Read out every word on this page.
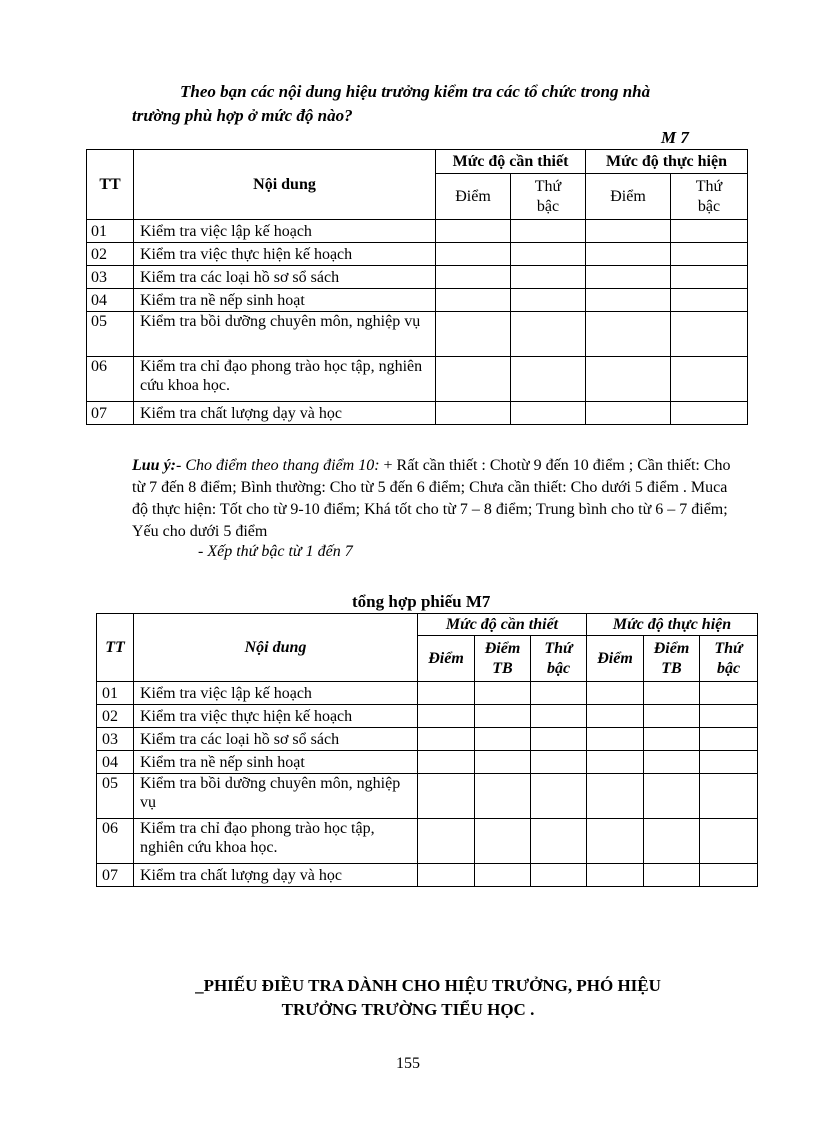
Theo bạn các nội dung hiệu trưởng kiểm tra các tổ chức trong nhà
trường phù hợp ở mức độ nào?
M 7
TT	Nội dung	Mức độ cần thiết		Mức độ thực hiện	
		Điểm	Thứ bậc	Điểm	Thứ bậc
01	Kiểm tra việc lập kế hoạch				
02	Kiểm tra việc thực hiện kế hoạch				
03	Kiểm tra các loại hồ sơ sổ sách				
04	Kiểm tra nề nếp sinh hoạt				
05	Kiểm tra bồi dưỡng chuyên môn, nghiệp vụ				
06	Kiểm tra chỉ đạo phong trào học tập, nghiên cứu khoa học.				
07	Kiểm tra chất lượng dạy và học				
Luu ý:- Cho điểm theo thang điểm 10: + Rất cần thiết : Chotừ 9 đến 10 điểm ; Cần thiết: Cho từ 7 đến 8 điểm; Bình thường: Cho từ 5 đến 6 điểm; Chưa cần thiết: Cho dưới 5 điểm . Muca độ thực hiện: Tốt cho từ 9-10 điểm; Khá tốt cho từ 7 – 8 điểm; Trung bình cho từ 6 – 7 điểm; Yếu cho dưới 5 điểm
- Xếp thứ bậc từ 1 đến 7
tổng hợp phiếu M7
TT	Nội dung	Mức độ cần thiết			Mức độ thực hiện		
		Điểm	Điểm TB	Thứ bậc	Điểm	Điểm TB	Thứ bậc
01	Kiểm tra việc lập kế hoạch						
02	Kiểm tra việc thực hiện kế hoạch						
03	Kiểm tra các loại hồ sơ sổ sách						
04	Kiểm tra nề nếp sinh hoạt						
05	Kiểm tra bồi dưỡng chuyên môn, nghiệp vụ						
06	Kiểm tra chỉ đạo phong trào học tập, nghiên cứu khoa học.						
07	Kiểm tra chất lượng dạy và học						
_PHIẾU ĐIỀU TRA DÀNH CHO HIỆU TRƯỞNG, PHÓ HIỆU
TRƯỞNG TRƯỜNG TIỂU HỌC .
155
